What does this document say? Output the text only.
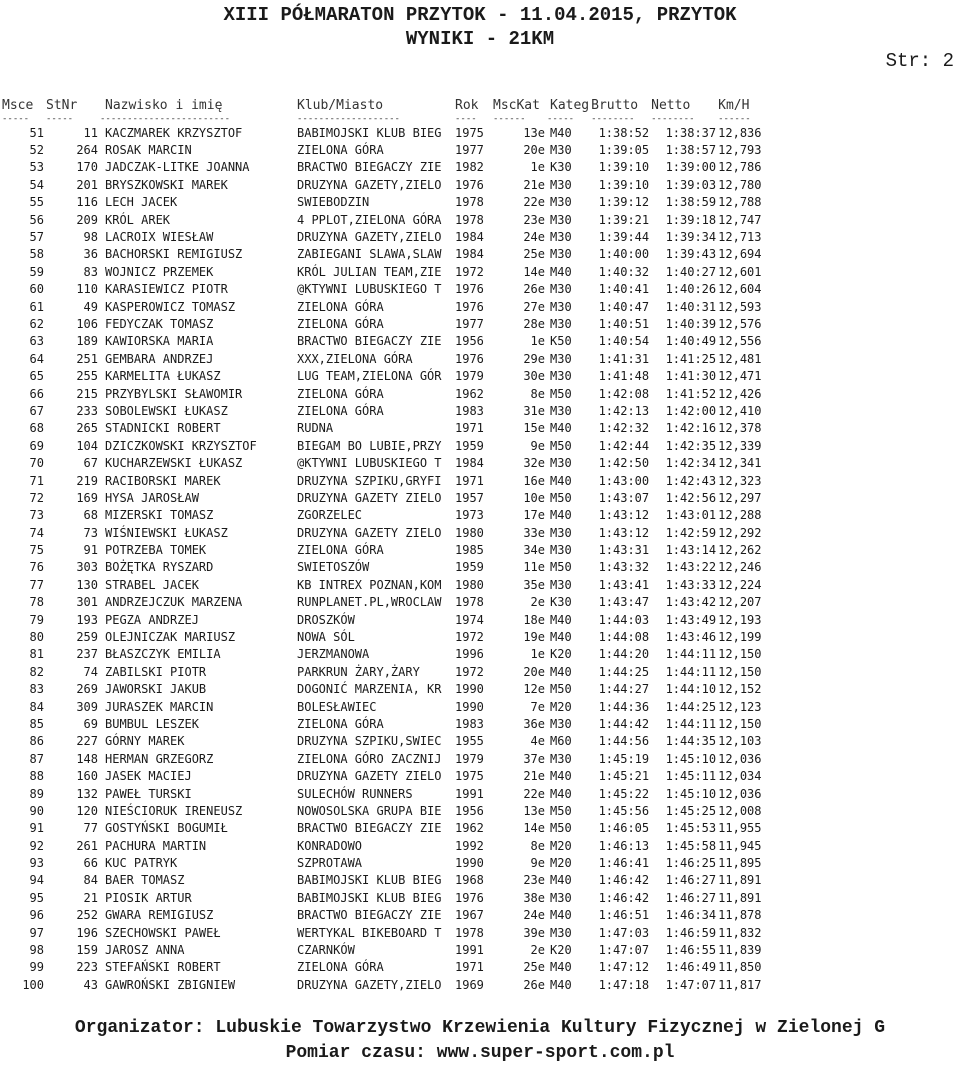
XIII PÓŁMARATON PRZYTOK - 11.04.2015, PRZYTOK
WYNIKI - 21KM
Str: 2
Msce	StNr	Nazwisko i imię	Klub/Miasto	Rok	MscKat	Kateg	Brutto	Netto	Km/H
-----	-----	------------------------	-------------------	----	------	-----	--------	--------	------
51	11	KACZMAREK KRZYSZTOF	BABIMOJSKI KLUB BIEG	1975	13e	M40	1:38:52	1:38:37	12,836
52	264	ROSAK MARCIN	ZIELONA GÓRA	1977	20e	M30	1:39:05	1:38:57	12,793
53	170	JADCZAK-LITKE JOANNA	BRACTWO BIEGACZY ZIE	1982	1e	K30	1:39:10	1:39:00	12,786
54	201	BRYSZKOWSKI MAREK	DRUZYNA GAZETY,ZIELO	1976	21e	M30	1:39:10	1:39:03	12,780
55	116	LECH JACEK	SWIEBODZIN	1978	22e	M30	1:39:12	1:38:59	12,788
56	209	KRÓL AREK	4 PPLOT,ZIELONA GÓRA	1978	23e	M30	1:39:21	1:39:18	12,747
57	98	LACROIX WIESŁAW	DRUZYNA GAZETY,ZIELO	1984	24e	M30	1:39:44	1:39:34	12,713
58	36	BACHORSKI REMIGIUSZ	ZABIEGANI SLAWA,SLAW	1984	25e	M30	1:40:00	1:39:43	12,694
59	83	WOJNICZ PRZEMEK	KRÓL JULIAN TEAM,ZIE	1972	14e	M40	1:40:32	1:40:27	12,601
60	110	KARASIEWICZ PIOTR	@KTYWNI LUBUSKIEGO T	1976	26e	M30	1:40:41	1:40:26	12,604
61	49	KASPEROWICZ TOMASZ	ZIELONA GÓRA	1976	27e	M30	1:40:47	1:40:31	12,593
62	106	FEDYCZAK TOMASZ	ZIELONA GÓRA	1977	28e	M30	1:40:51	1:40:39	12,576
63	189	KAWIORSKA MARIA	BRACTWO BIEGACZY ZIE	1956	1e	K50	1:40:54	1:40:49	12,556
64	251	GEMBARA ANDRZEJ	XXX,ZIELONA GÓRA	1976	29e	M30	1:41:31	1:41:25	12,481
65	255	KARMELITA ŁUKASZ	LUG TEAM,ZIELONA GÓR	1979	30e	M30	1:41:48	1:41:30	12,471
66	215	PRZYBYLSKI SŁAWOMIR	ZIELONA GÓRA	1962	8e	M50	1:42:08	1:41:52	12,426
67	233	SOBOLEWSKI ŁUKASZ	ZIELONA GÓRA	1983	31e	M30	1:42:13	1:42:00	12,410
68	265	STADNICKI ROBERT	RUDNA	1971	15e	M40	1:42:32	1:42:16	12,378
69	104	DZICZKOWSKI KRZYSZTOF	BIEGAM BO LUBIE,PRZY	1959	9e	M50	1:42:44	1:42:35	12,339
70	67	KUCHARZEWSKI ŁUKASZ	@KTYWNI LUBUSKIEGO T	1984	32e	M30	1:42:50	1:42:34	12,341
71	219	RACIBORSKI MAREK	DRUZYNA SZPIKU,GRYFI	1971	16e	M40	1:43:00	1:42:43	12,323
72	169	HYSA JAROSŁAW	DRUZYNA GAZETY ZIELO	1957	10e	M50	1:43:07	1:42:56	12,297
73	68	MIZERSKI TOMASZ	ZGORZELEC	1973	17e	M40	1:43:12	1:43:01	12,288
74	73	WIŚNIEWSKI ŁUKASZ	DRUZYNA GAZETY ZIELO	1980	33e	M30	1:43:12	1:42:59	12,292
75	91	POTRZEBA TOMEK	ZIELONA GÓRA	1985	34e	M30	1:43:31	1:43:14	12,262
76	303	BOŻĘTKA RYSZARD	SWIETOSZÓW	1959	11e	M50	1:43:32	1:43:22	12,246
77	130	STRABEL JACEK	KB INTREX POZNAN,KOM	1980	35e	M30	1:43:41	1:43:33	12,224
78	301	ANDRZEJCZUK MARZENA	RUNPLANET.PL,WROCLAW	1978	2e	K30	1:43:47	1:43:42	12,207
79	193	PEGZA ANDRZEJ	DROSZKÓW	1974	18e	M40	1:44:03	1:43:49	12,193
80	259	OLEJNICZAK MARIUSZ	NOWA SÓL	1972	19e	M40	1:44:08	1:43:46	12,199
81	237	BŁASZCZYK EMILIA	JERZMANOWA	1996	1e	K20	1:44:20	1:44:11	12,150
82	74	ZABILSKI PIOTR	PARKRUN ŻARY,ŻARY	1972	20e	M40	1:44:25	1:44:11	12,150
83	269	JAWORSKI JAKUB	DOGONIĆ MARZENIA, KR	1990	12e	M50	1:44:27	1:44:10	12,152
84	309	JURASZEK MARCIN	BOLESŁAWIEC	1990	7e	M20	1:44:36	1:44:25	12,123
85	69	BUMBUL LESZEK	ZIELONA GÓRA	1983	36e	M30	1:44:42	1:44:11	12,150
86	227	GÓRNY MAREK	DRUZYNA SZPIKU,SWIEC	1955	4e	M60	1:44:56	1:44:35	12,103
87	148	HERMAN GRZEGORZ	ZIELONA GÓRO ZACZNIJ	1979	37e	M30	1:45:19	1:45:10	12,036
88	160	JASEK MACIEJ	DRUZYNA GAZETY ZIELO	1975	21e	M40	1:45:21	1:45:11	12,034
89	132	PAWEŁ TURSKI	SULECHÓW RUNNERS	1991	22e	M40	1:45:22	1:45:10	12,036
90	120	NIEŚCIORUK IRENEUSZ	NOWOSOLSKA GRUPA BIE	1956	13e	M50	1:45:56	1:45:25	12,008
91	77	GOSTYŃSKI BOGUMIŁ	BRACTWO BIEGACZY ZIE	1962	14e	M50	1:46:05	1:45:53	11,955
92	261	PACHURA MARTIN	KONRADOWO	1992	8e	M20	1:46:13	1:45:58	11,945
93	66	KUC PATRYK	SZPROTAWA	1990	9e	M20	1:46:41	1:46:25	11,895
94	84	BAER TOMASZ	BABIMOJSKI KLUB BIEG	1968	23e	M40	1:46:42	1:46:27	11,891
95	21	PIOSIK ARTUR	BABIMOJSKI KLUB BIEG	1976	38e	M30	1:46:42	1:46:27	11,891
96	252	GWARA REMIGIUSZ	BRACTWO BIEGACZY ZIE	1967	24e	M40	1:46:51	1:46:34	11,878
97	196	SZECHOWSKI PAWEŁ	WERTYKAL BIKEBOARD T	1978	39e	M30	1:47:03	1:46:59	11,832
98	159	JAROSZ ANNA	CZARNKÓW	1991	2e	K20	1:47:07	1:46:55	11,839
99	223	STEFAŃSKI ROBERT	ZIELONA GÓRA	1971	25e	M40	1:47:12	1:46:49	11,850
100	43	GAWROŃSKI ZBIGNIEW	DRUZYNA GAZETY,ZIELO	1969	26e	M40	1:47:18	1:47:07	11,817
Organizator: Lubuskie Towarzystwo Krzewienia Kultury Fizycznej w Zielonej G
Pomiar czasu: www.super-sport.com.pl
